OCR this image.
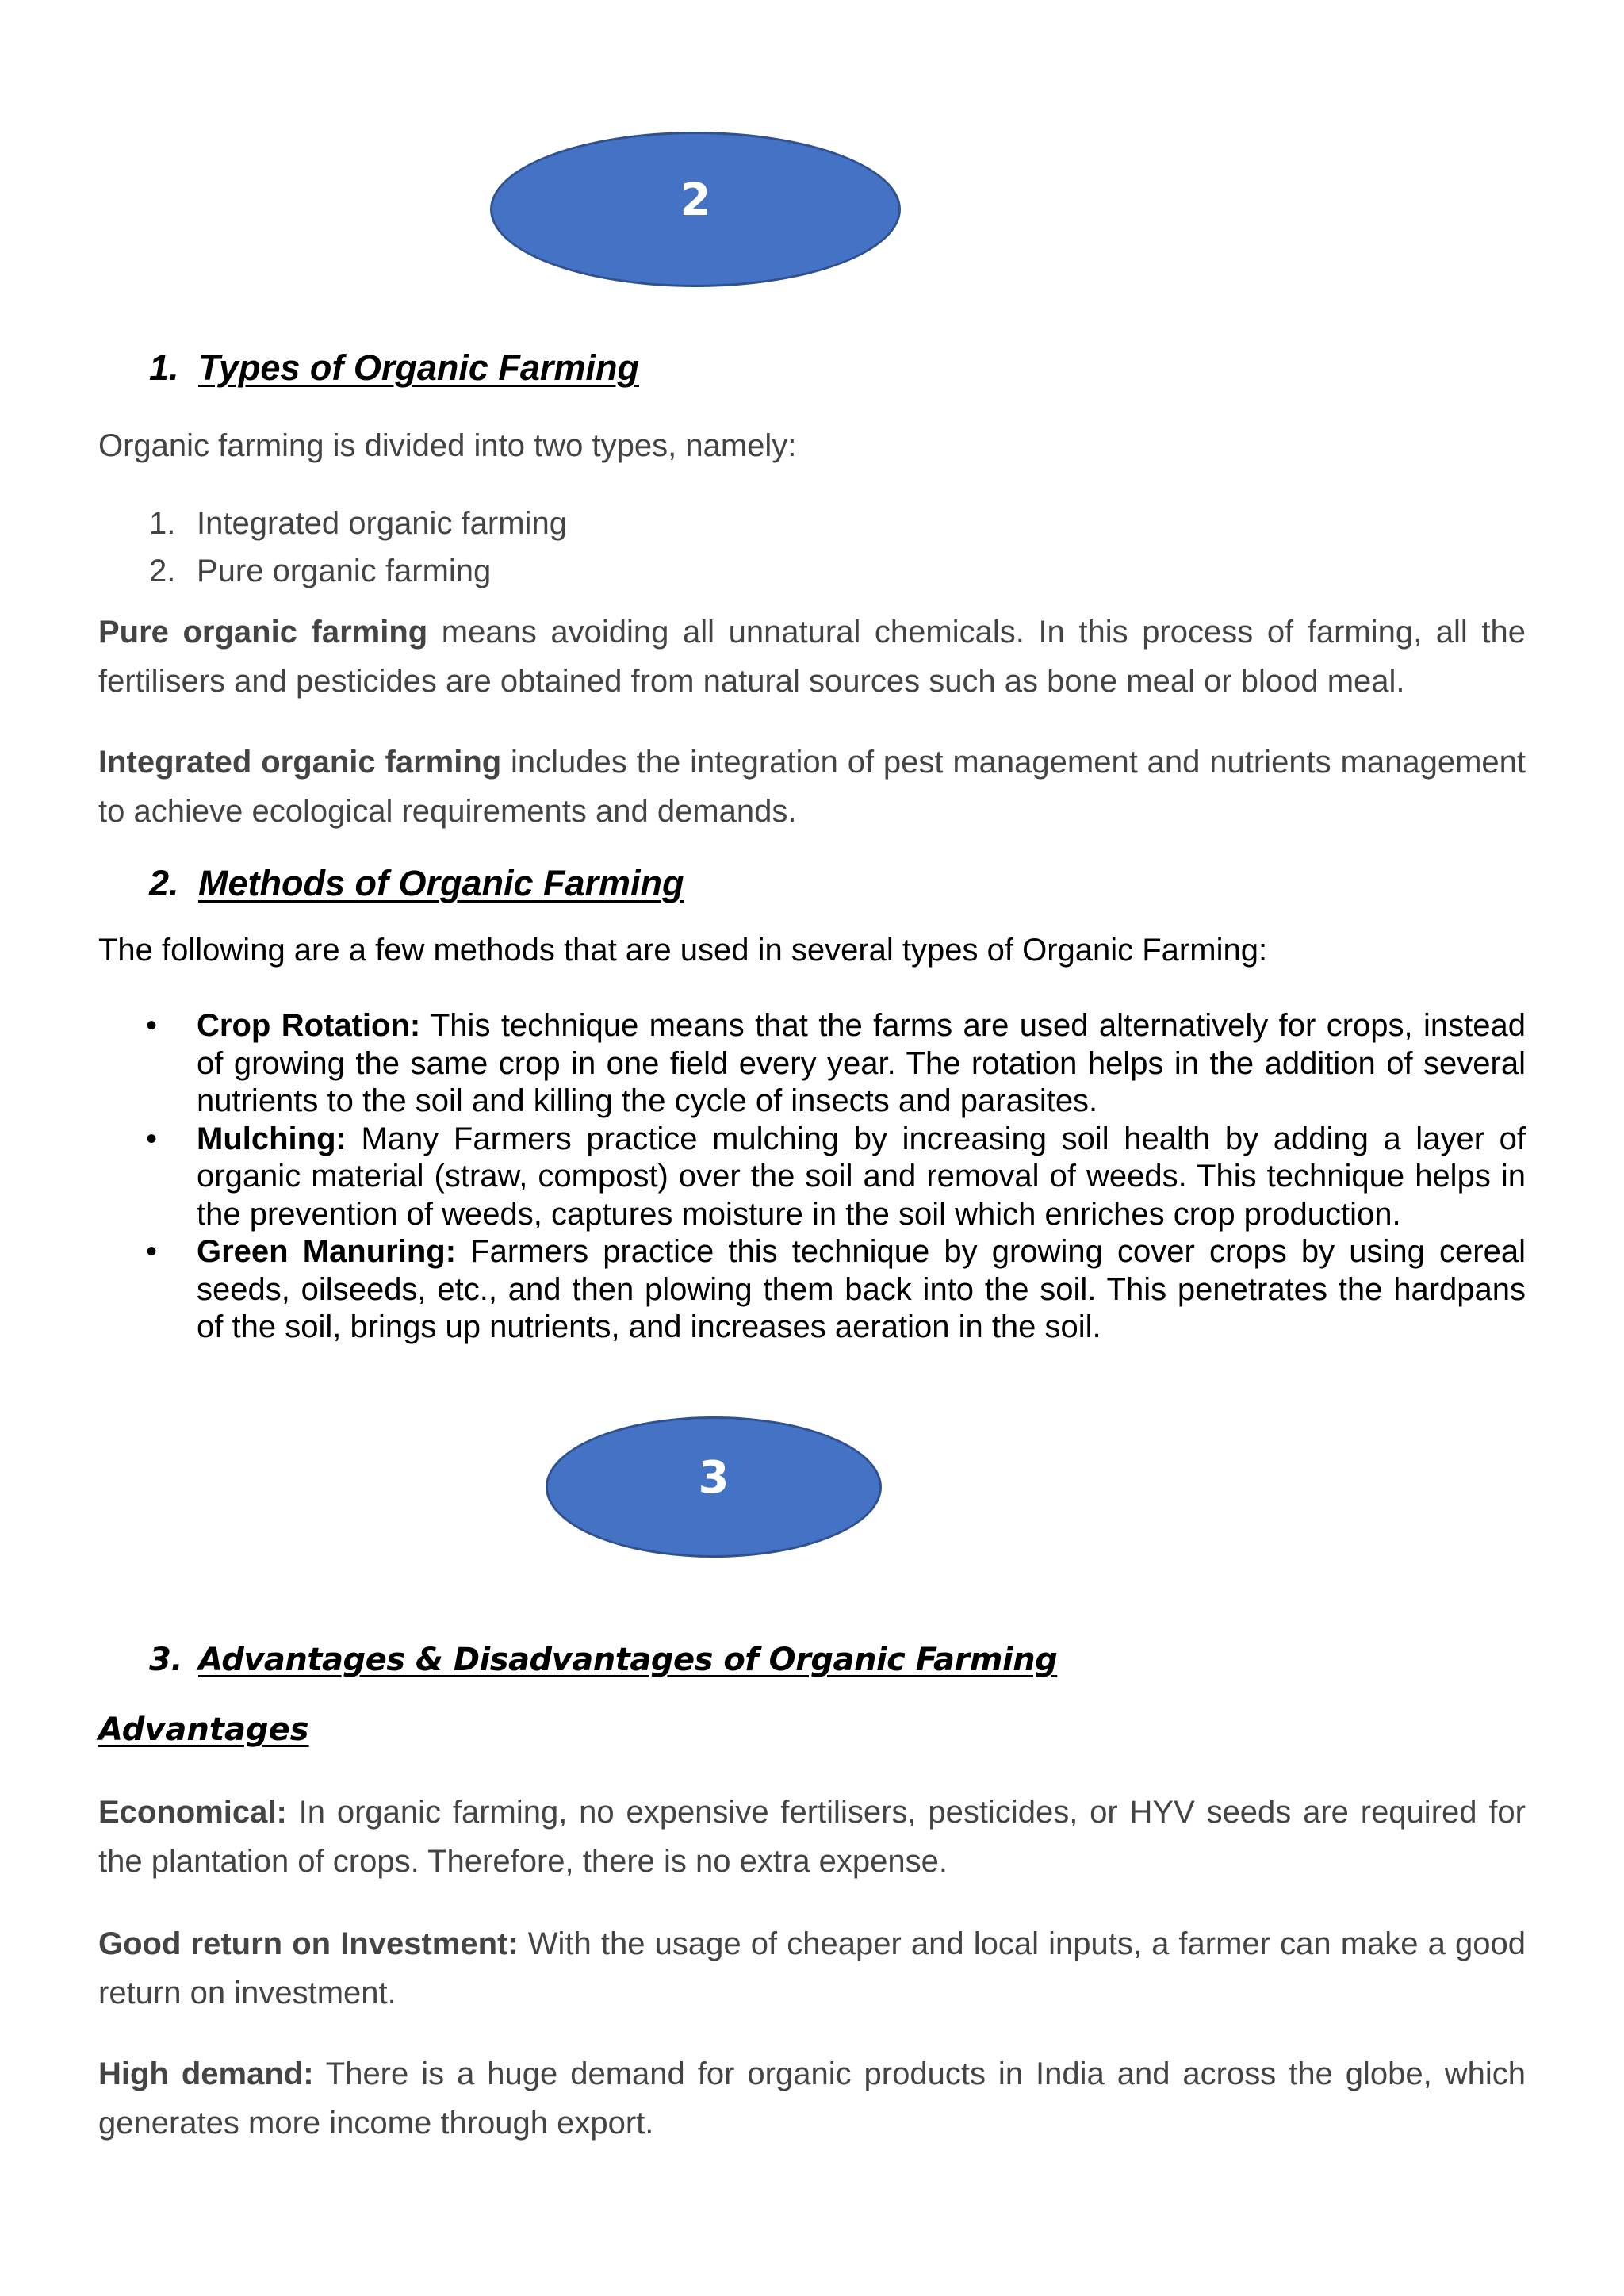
2
1. Types of Organic Farming

Organic farming is divided into two types, namely:

1. Integrated organic farming
2. Pure organic farming

Pure organic farming means avoiding all unnatural chemicals. In this process of farming, all the fertilisers and pesticides are obtained from natural sources such as bone meal or blood meal.

Integrated organic farming includes the integration of pest management and nutrients management to achieve ecological requirements and demands.

2. Methods of Organic Farming

The following are a few methods that are used in several types of Organic Farming:

• Crop Rotation: This technique means that the farms are used alternatively for crops, instead of growing the same crop in one field every year. The rotation helps in the addition of several nutrients to the soil and killing the cycle of insects and parasites.
• Mulching: Many Farmers practice mulching by increasing soil health by adding a layer of organic material (straw, compost) over the soil and removal of weeds. This technique helps in the prevention of weeds, captures moisture in the soil which enriches crop production.
• Green Manuring: Farmers practice this technique by growing cover crops by using cereal seeds, oilseeds, etc., and then plowing them back into the soil. This penetrates the hardpans of the soil, brings up nutrients, and increases aeration in the soil.
3
3. Advantages & Disadvantages of Organic Farming
Advantages

Economical: In organic farming, no expensive fertilisers, pesticides, or HYV seeds are required for the plantation of crops. Therefore, there is no extra expense.

Good return on Investment: With the usage of cheaper and local inputs, a farmer can make a good return on investment.

High demand: There is a huge demand for organic products in India and across the globe, which generates more income through export.
